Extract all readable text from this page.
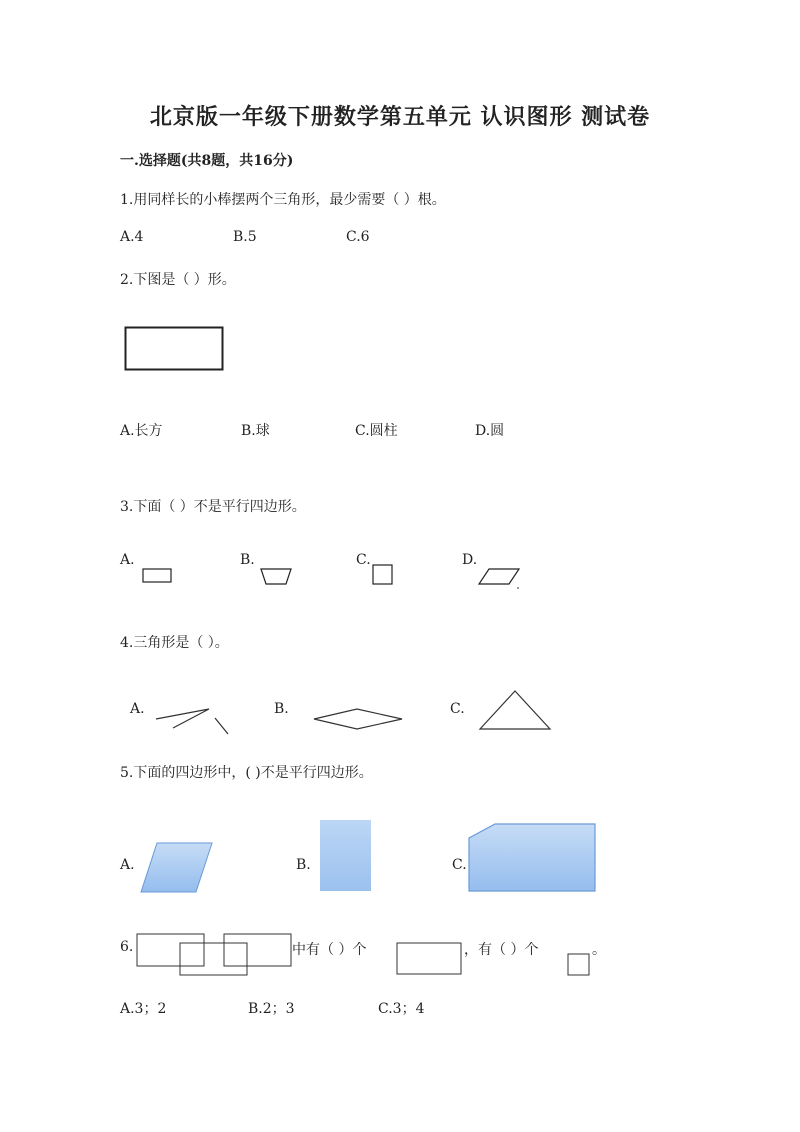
北京版一年级下册数学第五单元 认识图形 测试卷
一.选择题(共8题，共16分)
1.用同样长的小棒摆两个三角形，最少需要（ ）根。
A.4	B.5	C.6
2.下图是（ ）形。
A.长方	B.球	C.圆柱	D.圆
3.下面（ ）不是平行四边形。
A.	B.	C.	D.
4.三角形是（ ）。
A.	B.	C.
5.下面的四边形中，( )不是平行四边形。
A.	B.	C.
6.	中有（ ）个	，有（ ）个	。
A.3；2	B.2；3	C.3；4
